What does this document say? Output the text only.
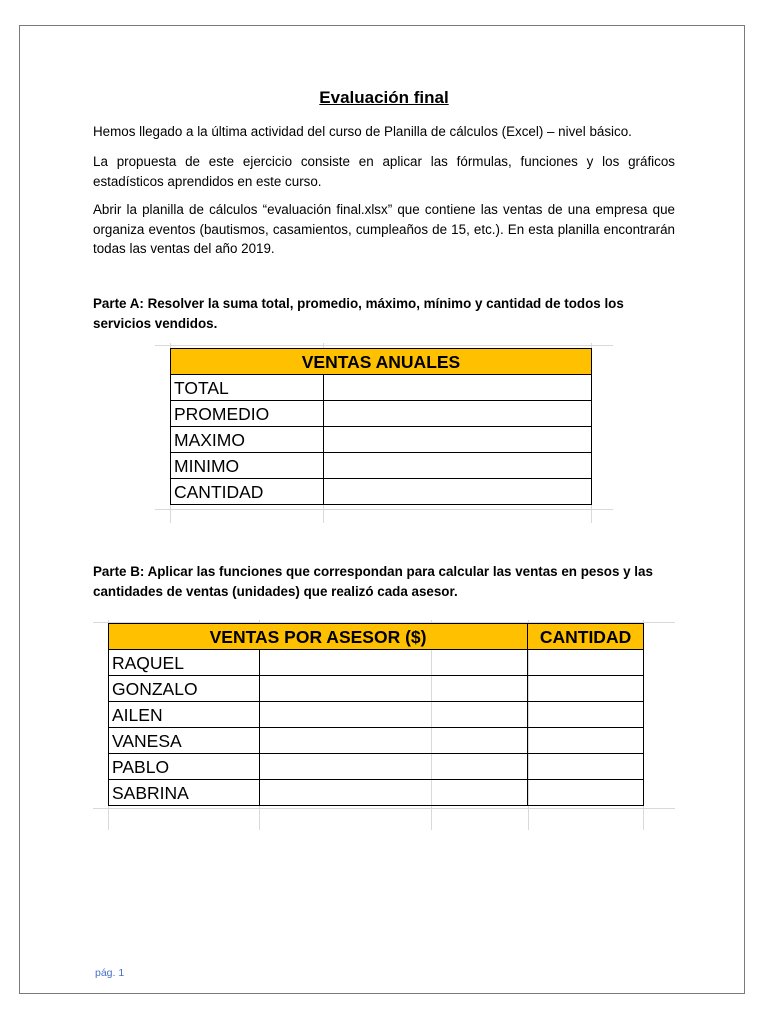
Evaluación final

Hemos llegado a la última actividad del curso de Planilla de cálculos (Excel) – nivel básico.

La propuesta de este ejercicio consiste en aplicar las fórmulas, funciones y los gráficos estadísticos aprendidos en este curso.

Abrir la planilla de cálculos “evaluación final.xlsx” que contiene las ventas de una empresa que organiza eventos (bautismos, casamientos, cumpleaños de 15, etc.). En esta planilla encontrarán todas las ventas del año 2019.

Parte A: Resolver la suma total, promedio, máximo, mínimo y cantidad de todos los servicios vendidos.

VENTAS ANUALES	
TOTAL	
PROMEDIO	
MAXIMO	
MINIMO	
CANTIDAD	

Parte B: Aplicar las funciones que correspondan para calcular las ventas en pesos y las cantidades de ventas (unidades) que realizó cada asesor.

VENTAS POR ASESOR ($)		CANTIDAD
RAQUEL		
GONZALO		
AILEN		
VANESA		
PABLO		
SABRINA		
pág. 1
